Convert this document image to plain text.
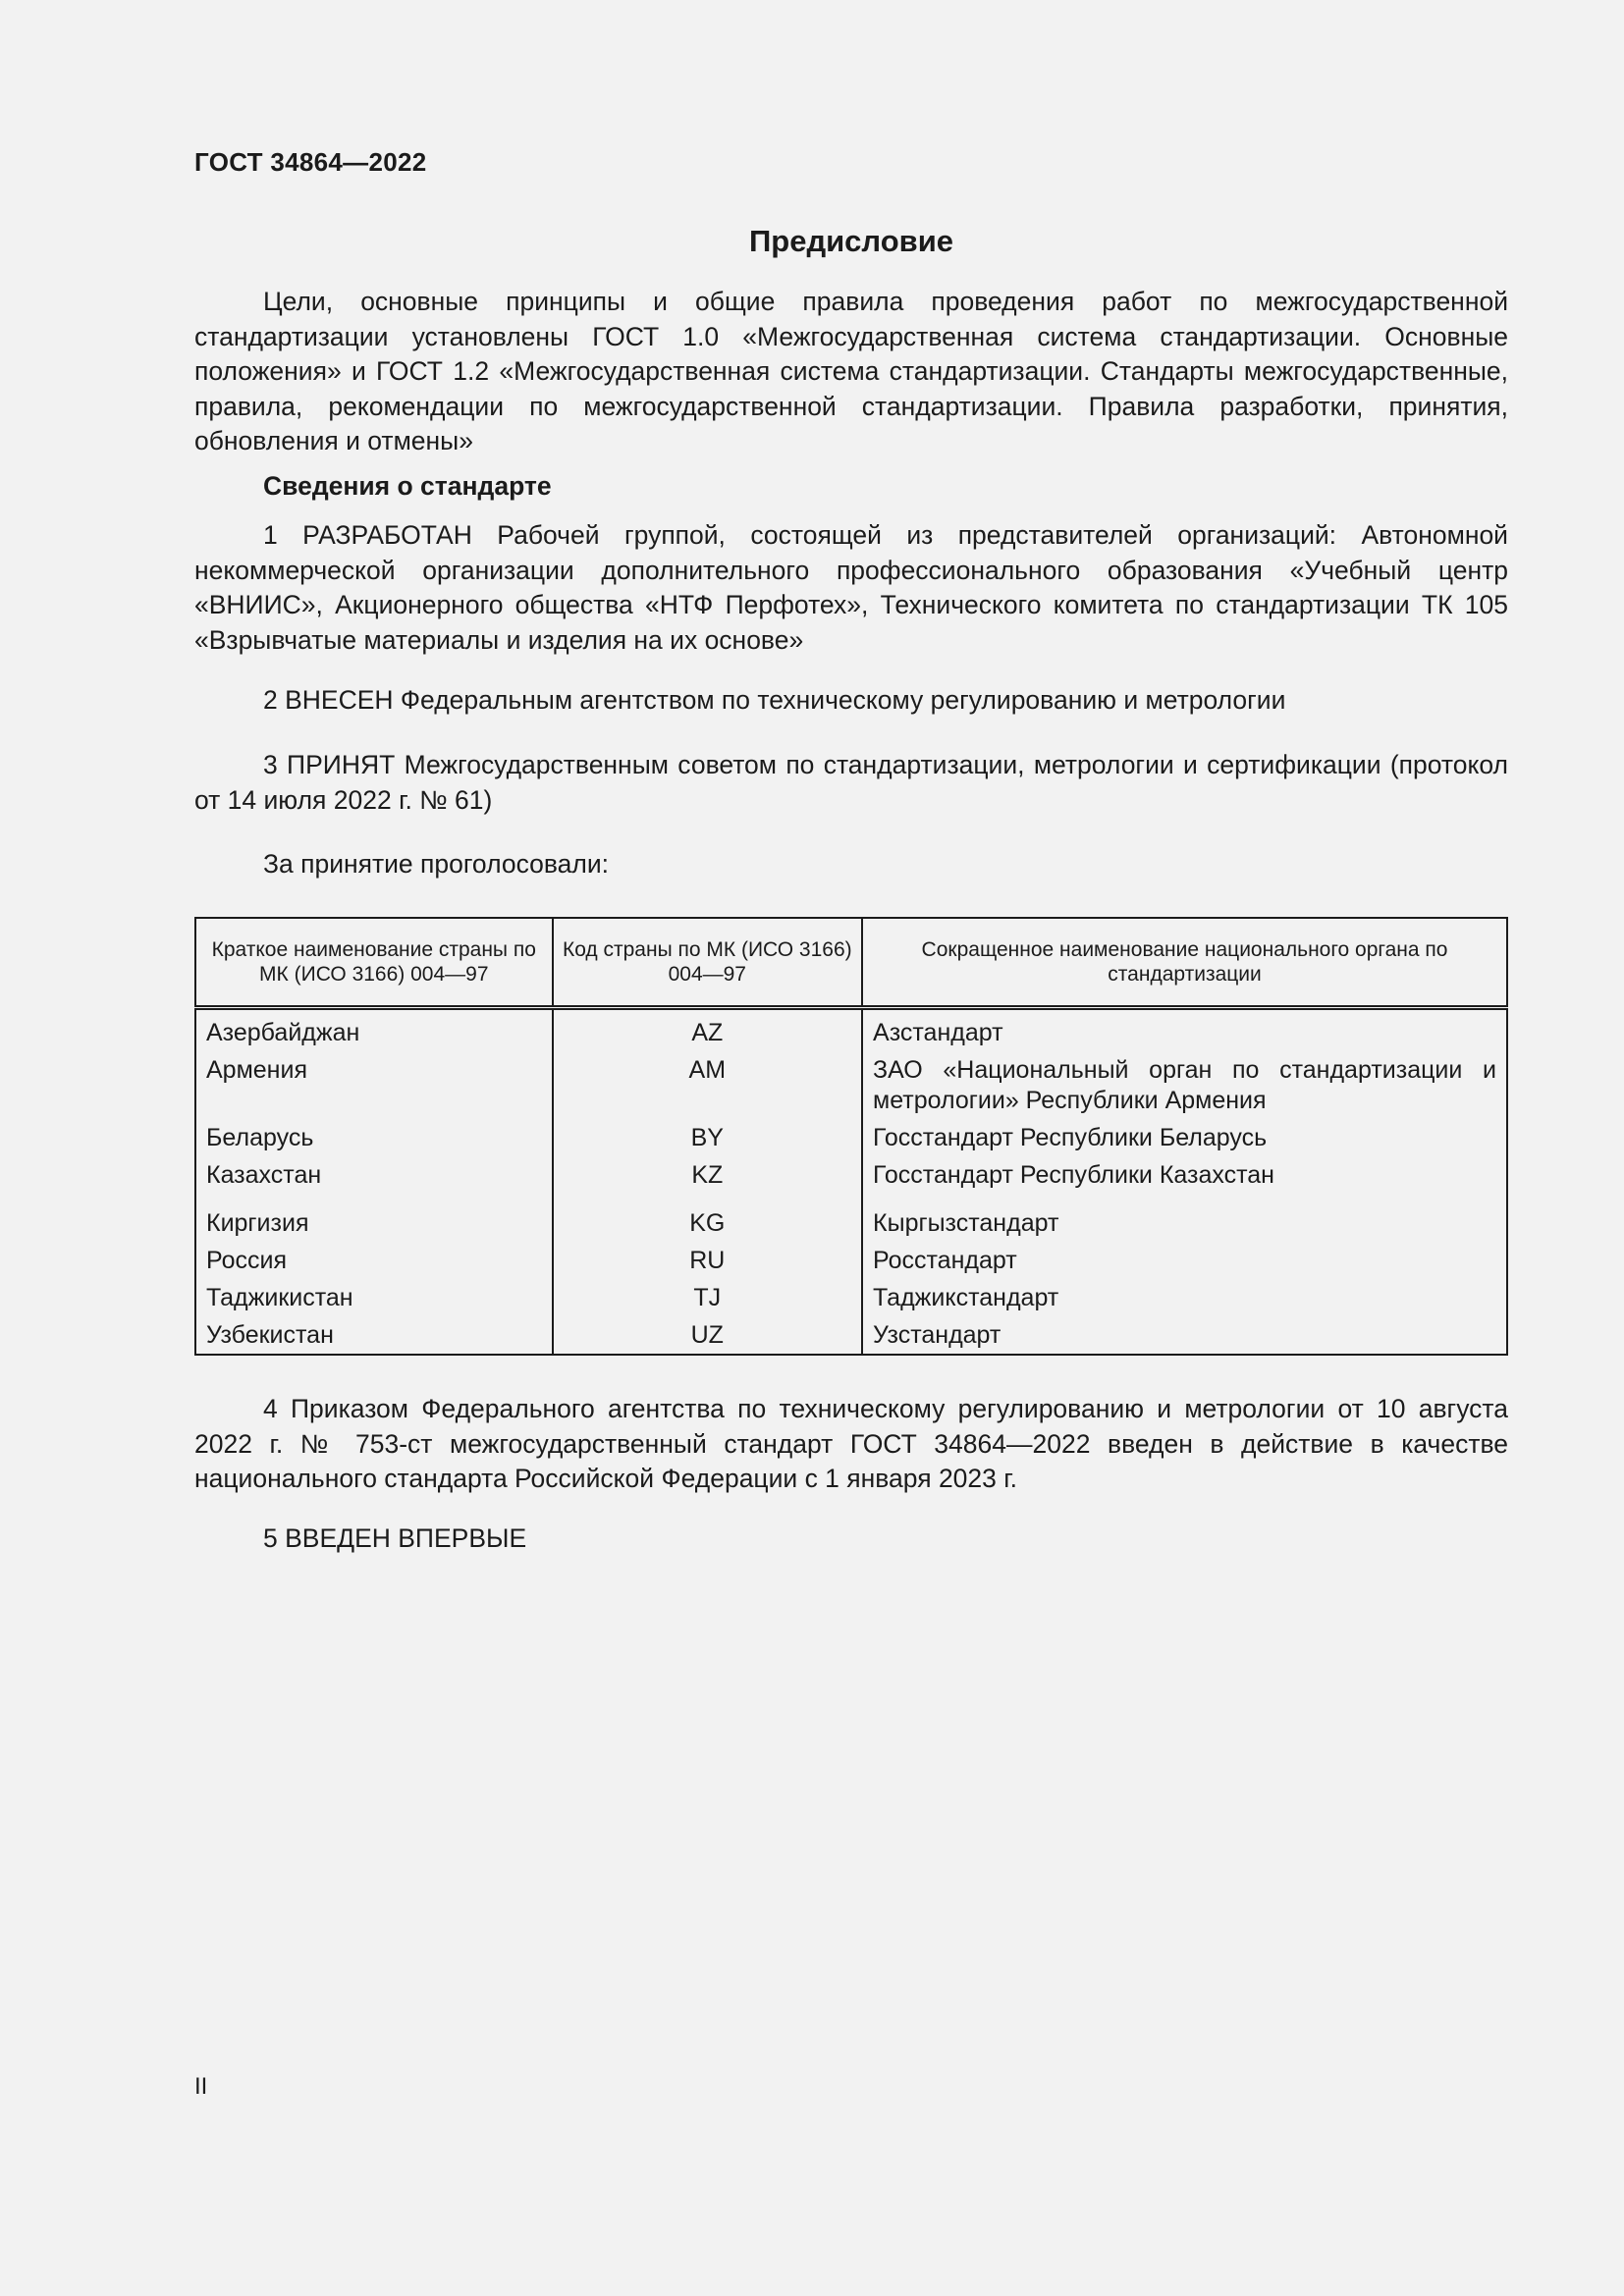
ГОСТ 34864—2022
Предисловие

Цели, основные принципы и общие правила проведения работ по межгосударственной стандартизации установлены ГОСТ 1.0 «Межгосударственная система стандартизации. Основные положения» и ГОСТ 1.2 «Межгосударственная система стандартизации. Стандарты межгосударственные, правила, рекомендации по межгосударственной стандартизации. Правила разработки, принятия, обновления и отмены»

Сведения о стандарте

1 РАЗРАБОТАН Рабочей группой, состоящей из представителей организаций: Автономной некоммерческой организации дополнительного профессионального образования «Учебный центр «ВНИИС», Акционерного общества «НТФ Перфотех», Технического комитета по стандартизации ТК 105 «Взрывчатые материалы и изделия на их основе»

2 ВНЕСЕН Федеральным агентством по техническому регулированию и метрологии

3 ПРИНЯТ Межгосударственным советом по стандартизации, метрологии и сертификации (протокол от 14 июля 2022 г. № 61)

За принятие проголосовали:

Краткое наименование страны по МК (ИСО 3166) 004—97	Код страны по МК (ИСО 3166) 004—97	Сокращенное наименование национального органа по стандартизации
Азербайджан	AZ	Азстандарт
Армения	AM	ЗАО «Национальный орган по стандартизации и метрологии» Республики Армения
Беларусь	BY	Госстандарт Республики Беларусь
Казахстан	KZ	Госстандарт Республики Казахстан
Киргизия	KG	Кыргызстандарт
Россия	RU	Росстандарт
Таджикистан	TJ	Таджикстандарт
Узбекистан	UZ	Узстандарт

4 Приказом Федерального агентства по техническому регулированию и метрологии от 10 августа 2022 г. № 753-ст межгосударственный стандарт ГОСТ 34864—2022 введен в действие в качестве национального стандарта Российской Федерации с 1 января 2023 г.

5 ВВЕДЕН ВПЕРВЫЕ

II
